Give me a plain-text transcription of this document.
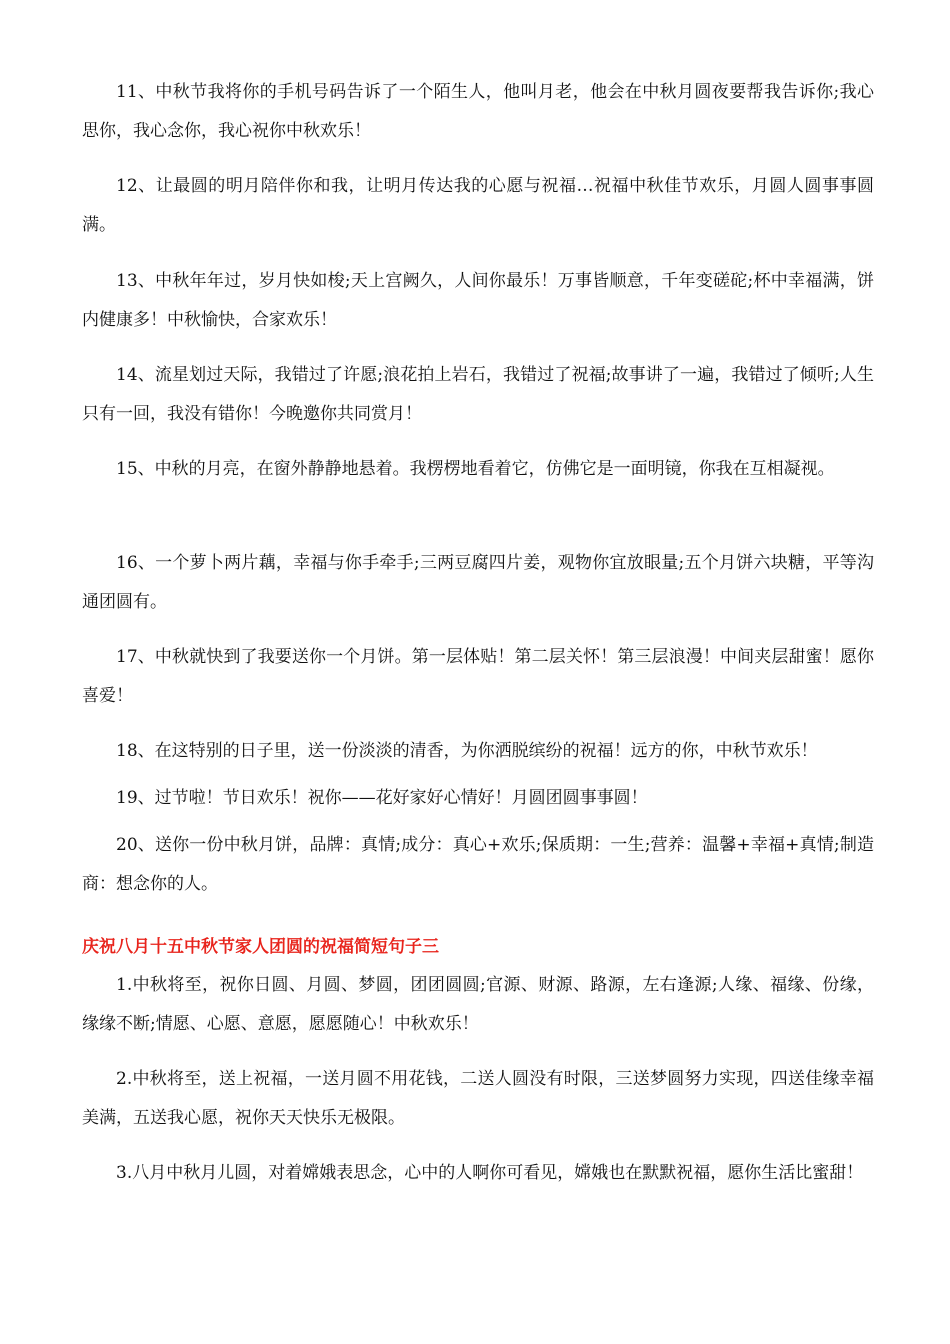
11、中秋节我将你的手机号码告诉了一个陌生人，他叫月老，他会在中秋月圆夜要帮我告诉你;我心思你，我心念你，我心祝你中秋欢乐！

12、让最圆的明月陪伴你和我，让明月传达我的心愿与祝福…祝福中秋佳节欢乐，月圆人圆事事圆满。

13、中秋年年过，岁月快如梭;天上宫阙久，人间你最乐！万事皆顺意，千年变磋砣;杯中幸福满，饼内健康多！中秋愉快，合家欢乐！

14、流星划过天际，我错过了许愿;浪花拍上岩石，我错过了祝福;故事讲了一遍，我错过了倾听;人生只有一回，我没有错你！今晚邀你共同赏月！

15、中秋的月亮，在窗外静静地悬着。我楞楞地看着它，仿佛它是一面明镜，你我在互相凝视。

16、一个萝卜两片藕，幸福与你手牵手;三两豆腐四片姜，观物你宜放眼量;五个月饼六块糖，平等沟通团圆有。

17、中秋就快到了我要送你一个月饼。第一层体贴！第二层关怀！第三层浪漫！中间夹层甜蜜！愿你喜爱！

18、在这特别的日子里，送一份淡淡的清香，为你洒脱缤纷的祝福！远方的你，中秋节欢乐！

19、过节啦！节日欢乐！祝你——花好家好心情好！月圆团圆事事圆！

20、送你一份中秋月饼，品牌：真情;成分：真心+欢乐;保质期：一生;营养：温馨+幸福+真情;制造商：想念你的人。

庆祝八月十五中秋节家人团圆的祝福简短句子三

1.中秋将至，祝你日圆、月圆、梦圆，团团圆圆;官源、财源、路源，左右逢源;人缘、福缘、份缘，缘缘不断;情愿、心愿、意愿，愿愿随心！中秋欢乐！

2.中秋将至，送上祝福，一送月圆不用花钱，二送人圆没有时限，三送梦圆努力实现，四送佳缘幸福美满，五送我心愿，祝你天天快乐无极限。

3.八月中秋月儿圆，对着嫦娥表思念，心中的人啊你可看见，嫦娥也在默默祝福，愿你生活比蜜甜！
